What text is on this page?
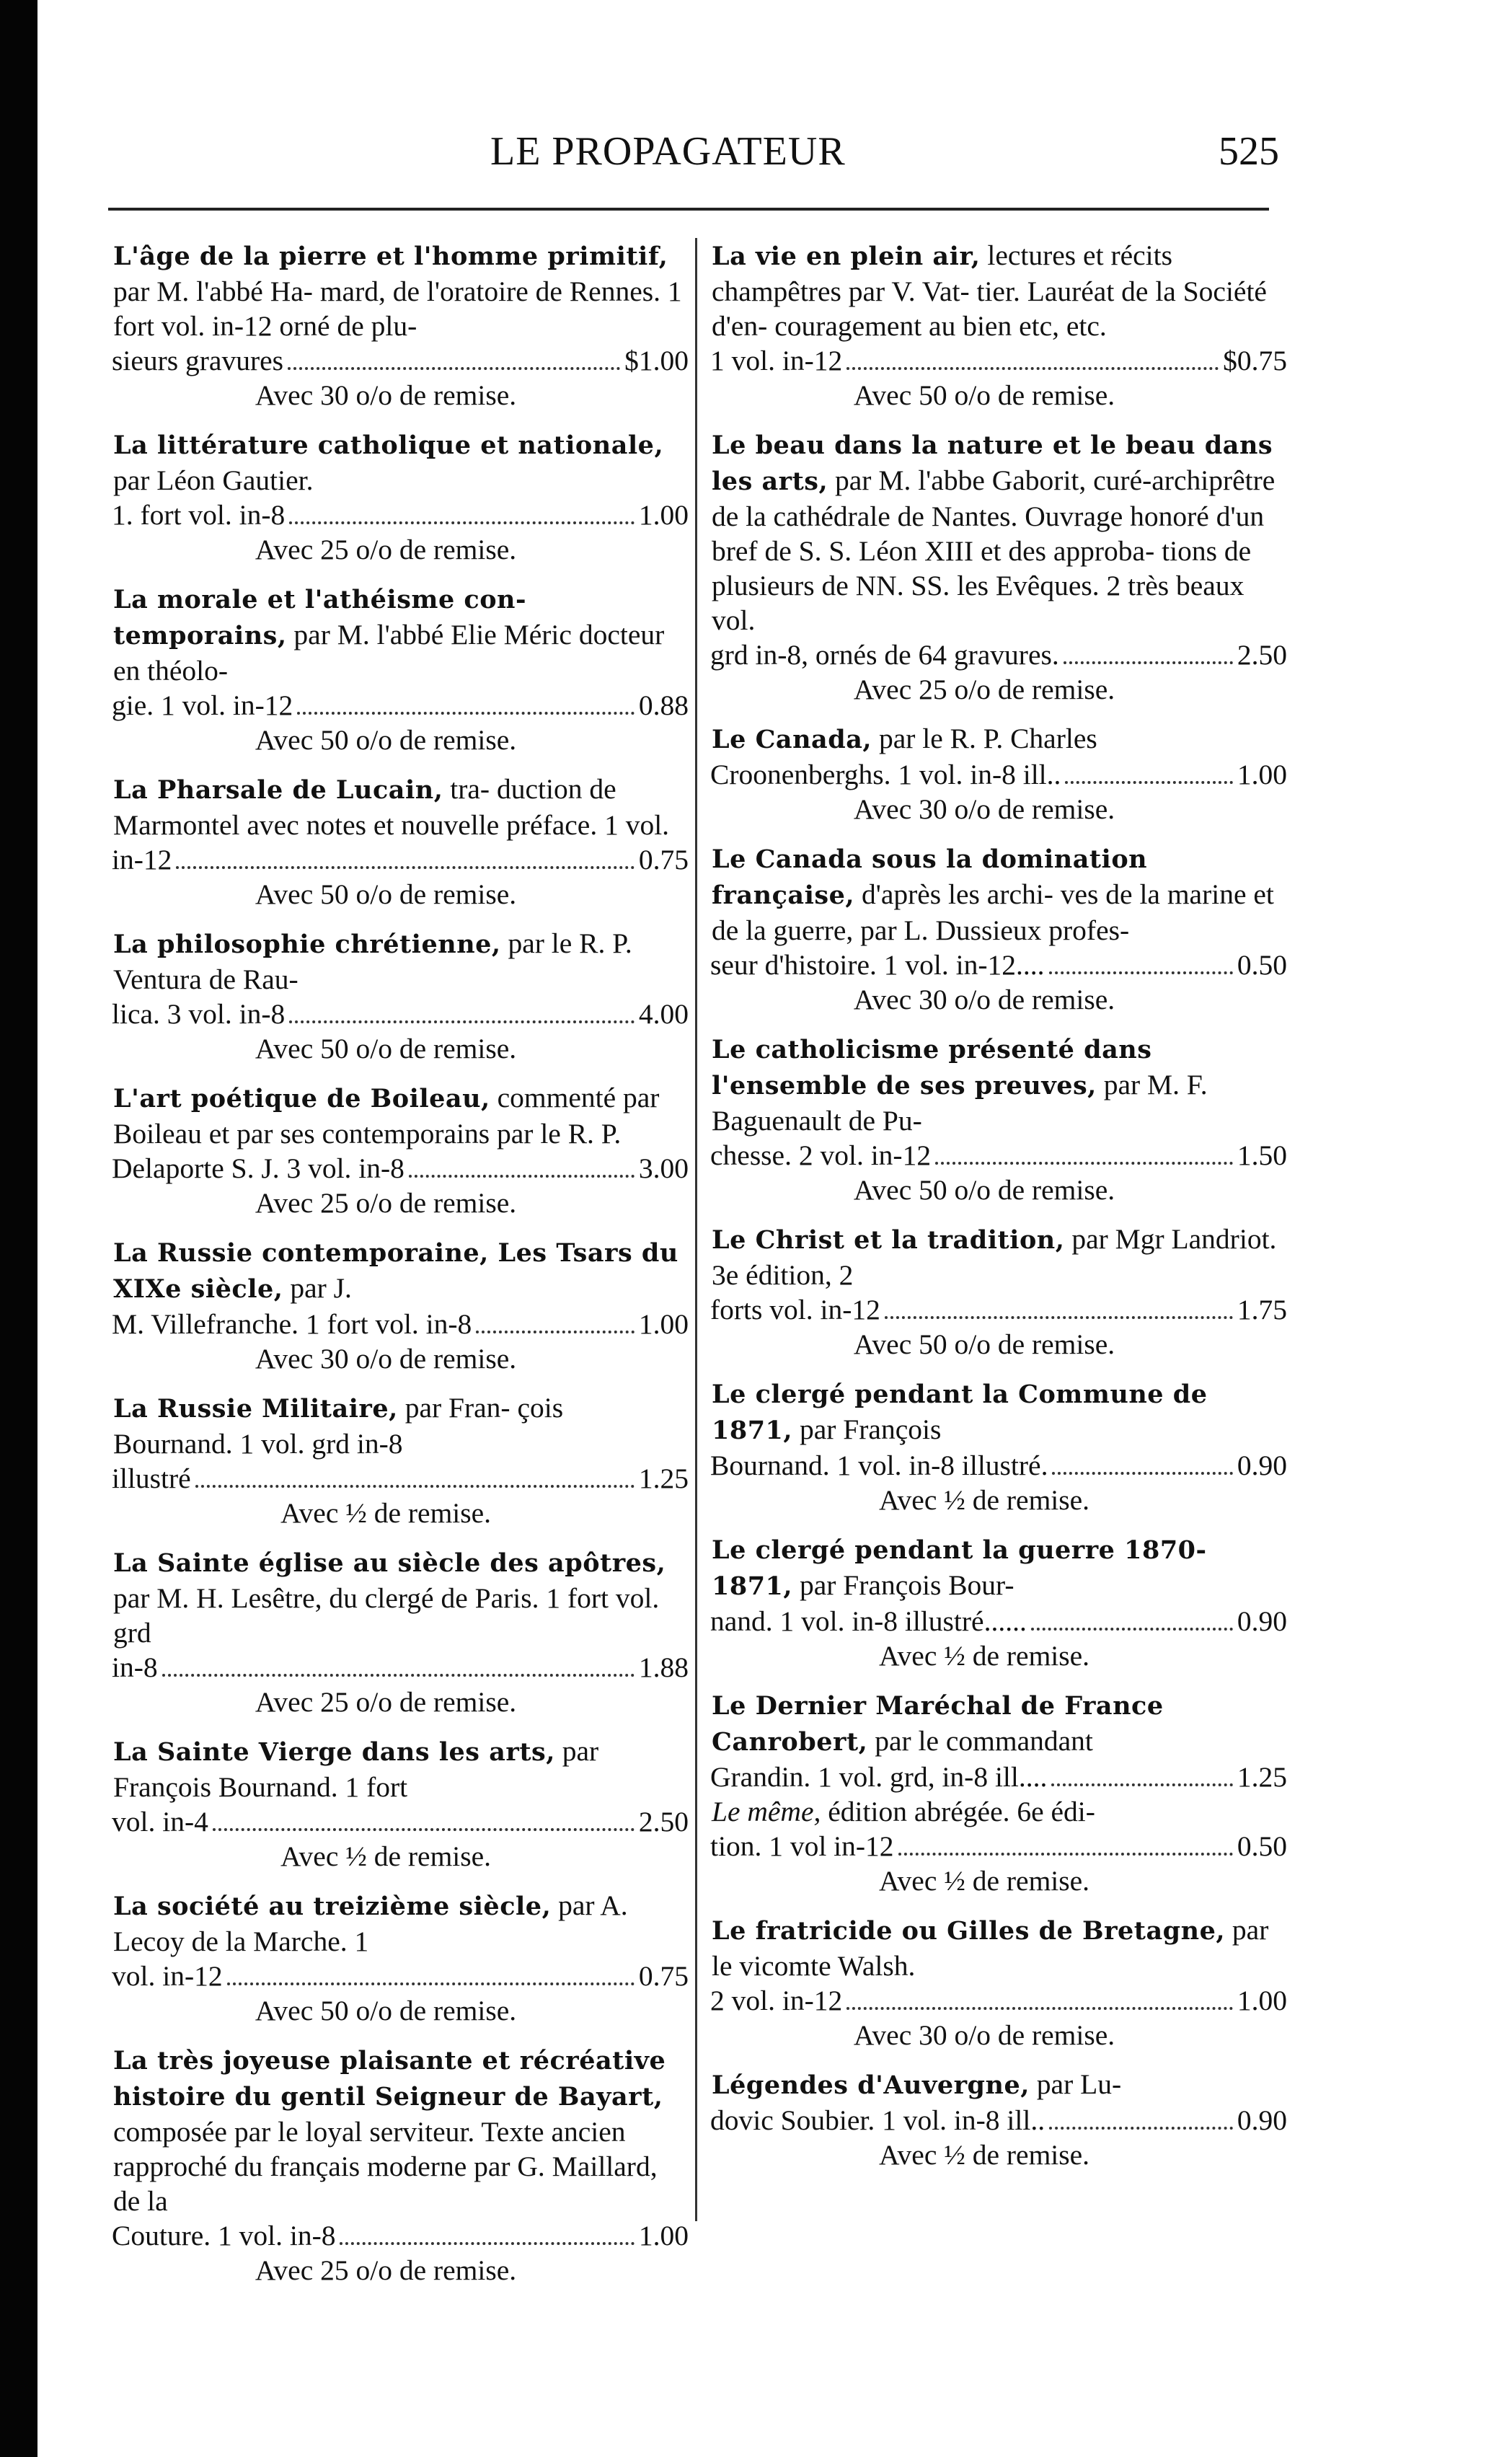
LE PROPAGATEUR	525
L'âge de la pierre et l'homme primitif, par M. l'abbé Ha- mard, de l'oratoire de Rennes. 1 fort vol. in-12 orné de plu-
sieurs gravures	$1.00
Avec 30 o/o de remise.
La littérature catholique et nationale, par Léon Gautier.
1. fort vol. in-8	1.00
Avec 25 o/o de remise.
La morale et l'athéisme con-temporains, par M. l'abbé Elie Méric docteur en théolo-
gie. 1 vol. in-12	0.88
Avec 50 o/o de remise.
La Pharsale de Lucain, tra- duction de Marmontel avec notes et nouvelle préface. 1 vol.
in-12	0.75
Avec 50 o/o de remise.
La philosophie chrétienne, par le R. P. Ventura de Rau-
lica. 3 vol. in-8	4.00
Avec 50 o/o de remise.
L'art poétique de Boileau, commenté par Boileau et par ses contemporains par le R. P.
Delaporte S. J. 3 vol. in-8	3.00
Avec 25 o/o de remise.
La Russie contemporaine, Les Tsars du XIXe siècle, par J.
M. Villefranche. 1 fort vol. in-8	1.00
Avec 30 o/o de remise.
La Russie Militaire, par Fran- çois Bournand. 1 vol. grd in-8
illustré	1.25
Avec ½ de remise.
La Sainte église au siècle des apôtres, par M. H. Lesêtre, du clergé de Paris. 1 fort vol. grd
in-8	1.88
Avec 25 o/o de remise.
La Sainte Vierge dans les arts, par François Bournand. 1 fort
vol. in-4	2.50
Avec ½ de remise.
La société au treizième siècle, par A. Lecoy de la Marche. 1
vol. in-12	0.75
Avec 50 o/o de remise.
La très joyeuse plaisante et récréative histoire du gentil Seigneur de Bayart, composée par le loyal serviteur. Texte ancien rapproché du français moderne par G. Maillard, de la
Couture. 1 vol. in-8	1.00
Avec 25 o/o de remise.
La vie en plein air, lectures et récits champêtres par V. Vat- tier. Lauréat de la Société d'en- couragement au bien etc, etc.
1 vol. in-12	$0.75
Avec 50 o/o de remise.
Le beau dans la nature et le beau dans les arts, par M. l'abbe Gaborit, curé-archiprêtre de la cathédrale de Nantes. Ouvrage honoré d'un bref de S. S. Léon XIII et des approba- tions de plusieurs de NN. SS. les Evêques. 2 très beaux vol.
grd in-8, ornés de 64 gravures.	2.50
Avec 25 o/o de remise.
Le Canada, par le R. P. Charles
Croonenberghs. 1 vol. in-8 ill..	1.00
Avec 30 o/o de remise.
Le Canada sous la domination française, d'après les archi- ves de la marine et de la guerre, par L. Dussieux profes-
seur d'histoire. 1 vol. in-12....	0.50
Avec 30 o/o de remise.
Le catholicisme présenté dans l'ensemble de ses preuves, par M. F. Baguenault de Pu-
chesse. 2 vol. in-12	1.50
Avec 50 o/o de remise.
Le Christ et la tradition, par Mgr Landriot. 3e édition, 2
forts vol. in-12	1.75
Avec 50 o/o de remise.
Le clergé pendant la Commune de 1871, par François
Bournand. 1 vol. in-8 illustré.	0.90
Avec ½ de remise.
Le clergé pendant la guerre 1870-1871, par François Bour-
nand. 1 vol. in-8 illustré......	0.90
Avec ½ de remise.
Le Dernier Maréchal de France Canrobert, par le commandant
Grandin. 1 vol. grd, in-8 ill....	1.25
Le même, édition abrégée. 6e édi-
tion. 1 vol in-12	0.50
Avec ½ de remise.
Le fratricide ou Gilles de Bretagne, par le vicomte Walsh.
2 vol. in-12	1.00
Avec 30 o/o de remise.
Légendes d'Auvergne, par Lu-
dovic Soubier. 1 vol. in-8 ill..	0.90
Avec ½ de remise.
